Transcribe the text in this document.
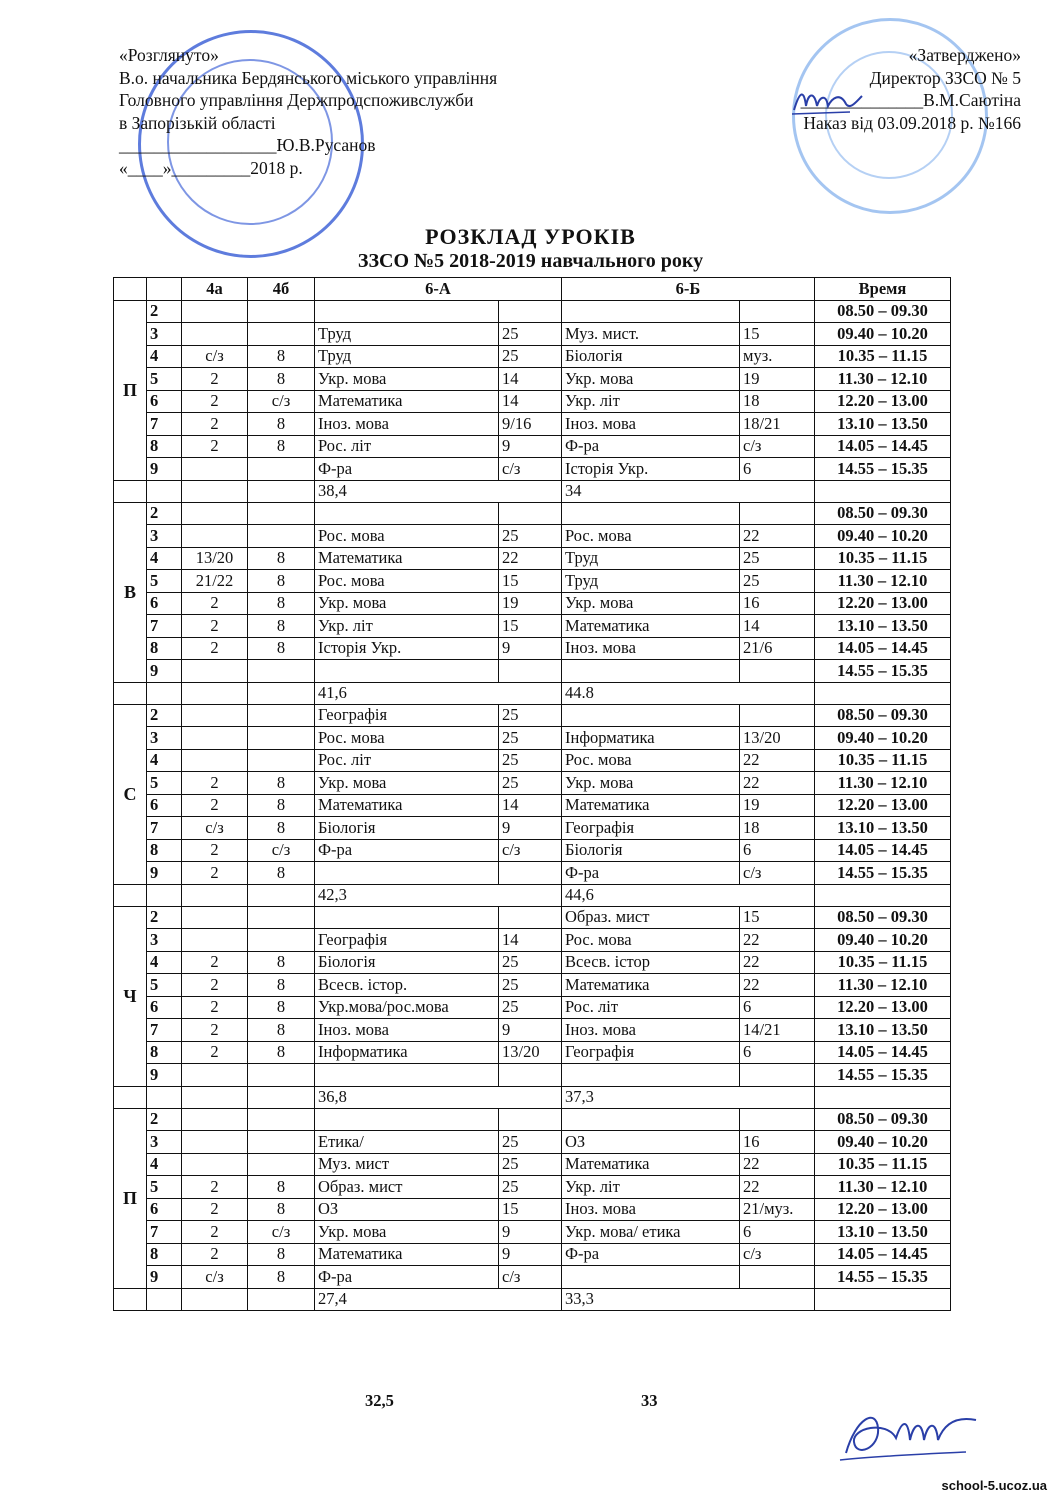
«Розглянуто»
В.о. начальника Бердянського міського управління
Головного управління Держпродспоживслужби
в Запорізькій області
__________________Ю.В.Русанов
«____»_________2018 р.
«Затверджено»
Директор ЗЗСО № 5
______________В.М.Саютіна
Наказ від 03.09.2018 р. №166
РОЗКЛАД УРОКІВ
ЗЗСО №5 2018-2019 навчального року
		4а	4б	6-А		6-Б		Время
П	2							08.50 – 09.30
	3			Труд	25	Муз. мист.	15	09.40 – 10.20
	4	с/з	8	Труд	25	Біологія	муз.	10.35 – 11.15
	5	2	8	Укр. мова	14	Укр. мова	19	11.30 – 12.10
	6	2	с/з	Математика	14	Укр. літ	18	12.20 – 13.00
	7	2	8	Іноз. мова	9/16	Іноз. мова	18/21	13.10 – 13.50
	8	2	8	Рос. літ	9	Ф-ра	с/з	14.05 – 14.45
	9			Ф-ра	с/з	Історія Укр.	6	14.55 – 15.35
				38,4		34		
В	2							08.50 – 09.30
	3			Рос. мова	25	Рос. мова	22	09.40 – 10.20
	4	13/20	8	Математика	22	Труд	25	10.35 – 11.15
	5	21/22	8	Рос. мова	15	Труд	25	11.30 – 12.10
	6	2	8	Укр. мова	19	Укр. мова	16	12.20 – 13.00
	7	2	8	Укр. літ	15	Математика	14	13.10 – 13.50
	8	2	8	Історія Укр.	9	Іноз. мова	21/6	14.05 – 14.45
	9							14.55 – 15.35
				41,6		44.8		
С	2			Географія	25			08.50 – 09.30
	3			Рос. мова	25	Інформатика	13/20	09.40 – 10.20
	4			Рос. літ	25	Рос. мова	22	10.35 – 11.15
	5	2	8	Укр. мова	25	Укр. мова	22	11.30 – 12.10
	6	2	8	Математика	14	Математика	19	12.20 – 13.00
	7	с/з	8	Біологія	9	Географія	18	13.10 – 13.50
	8	2	с/з	Ф-ра	с/з	Біологія	6	14.05 – 14.45
	9	2	8			Ф-ра	с/з	14.55 – 15.35
				42,3		44,6		
Ч	2					Образ. мист	15	08.50 – 09.30
	3			Географія	14	Рос. мова	22	09.40 – 10.20
	4	2	8	Біологія	25	Всесв. істор	22	10.35 – 11.15
	5	2	8	Всесв. істор.	25	Математика	22	11.30 – 12.10
	6	2	8	Укр.мова/рос.мова	25	Рос. літ	6	12.20 – 13.00
	7	2	8	Іноз. мова	9	Іноз. мова	14/21	13.10 – 13.50
	8	2	8	Інформатика	13/20	Географія	6	14.05 – 14.45
	9							14.55 – 15.35
				36,8		37,3		
П	2							08.50 – 09.30
	3			Етика/	25	ОЗ	16	09.40 – 10.20
	4			Муз. мист	25	Математика	22	10.35 – 11.15
	5	2	8	Образ. мист	25	Укр. літ	22	11.30 – 12.10
	6	2	8	ОЗ	15	Іноз. мова	21/муз.	12.20 – 13.00
	7	2	с/з	Укр. мова	9	Укр. мова/ етика	6	13.10 – 13.50
	8	2	8	Математика	9	Ф-ра	с/з	14.05 – 14.45
	9	с/з	8	Ф-ра	с/з			14.55 – 15.35
				27,4		33,3		
32,5	33
school-5.ucoz.ua
